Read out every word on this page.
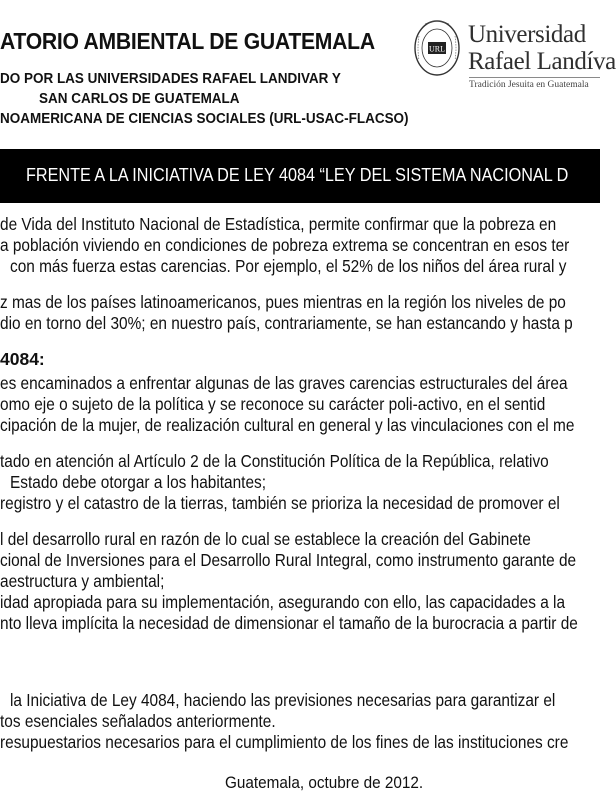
ATORIO AMBIENTAL DE GUATEMALA
DO POR LAS UNIVERSIDADES RAFAEL LANDIVAR Y
SAN CARLOS DE GUATEMALA
NOAMERICANA DE CIENCIAS SOCIALES (URL-USAC-FLACSO)
URL
Universidad
Rafael Landíva
Tradición Jesuita en Guatemala
FRENTE A LA INICIATIVA DE LEY 4084 “LEY DEL SISTEMA NACIONAL D
de Vida del Instituto Nacional de Estadística, permite confirmar que la pobreza en
a población viviendo en condiciones de pobreza extrema se concentran en esos ter
con más fuerza estas carencias. Por ejemplo, el 52% de los niños del área rural y
z mas de los países latinoamericanos, pues mientras en la región los niveles de po
dio en torno del 30%; en nuestro país, contrariamente, se han estancando y hasta p
4084:
es encaminados a enfrentar algunas de las graves carencias estructurales del área
omo eje o sujeto de la política y se reconoce su carácter poli-activo, en el sentid
cipación de la mujer, de realización cultural en general y las vinculaciones con el me
tado en atención al Artículo 2 de la Constitución Política de la República, relativo
Estado debe otorgar a los habitantes;
registro y el catastro de la tierras, también se prioriza la necesidad de promover el
l del desarrollo rural en razón de lo cual se establece la creación del Gabinete
cional de Inversiones para el Desarrollo Rural Integral, como instrumento garante de
aestructura y ambiental;
idad apropiada para su implementación, asegurando con ello, las capacidades a la
nto lleva implícita la necesidad de dimensionar el tamaño de la burocracia a partir de
la Iniciativa de Ley 4084, haciendo las previsiones necesarias para garantizar el
tos esenciales señalados anteriormente.
resupuestarios necesarios para el cumplimiento de los fines de las instituciones cre
Guatemala, octubre de 2012.
